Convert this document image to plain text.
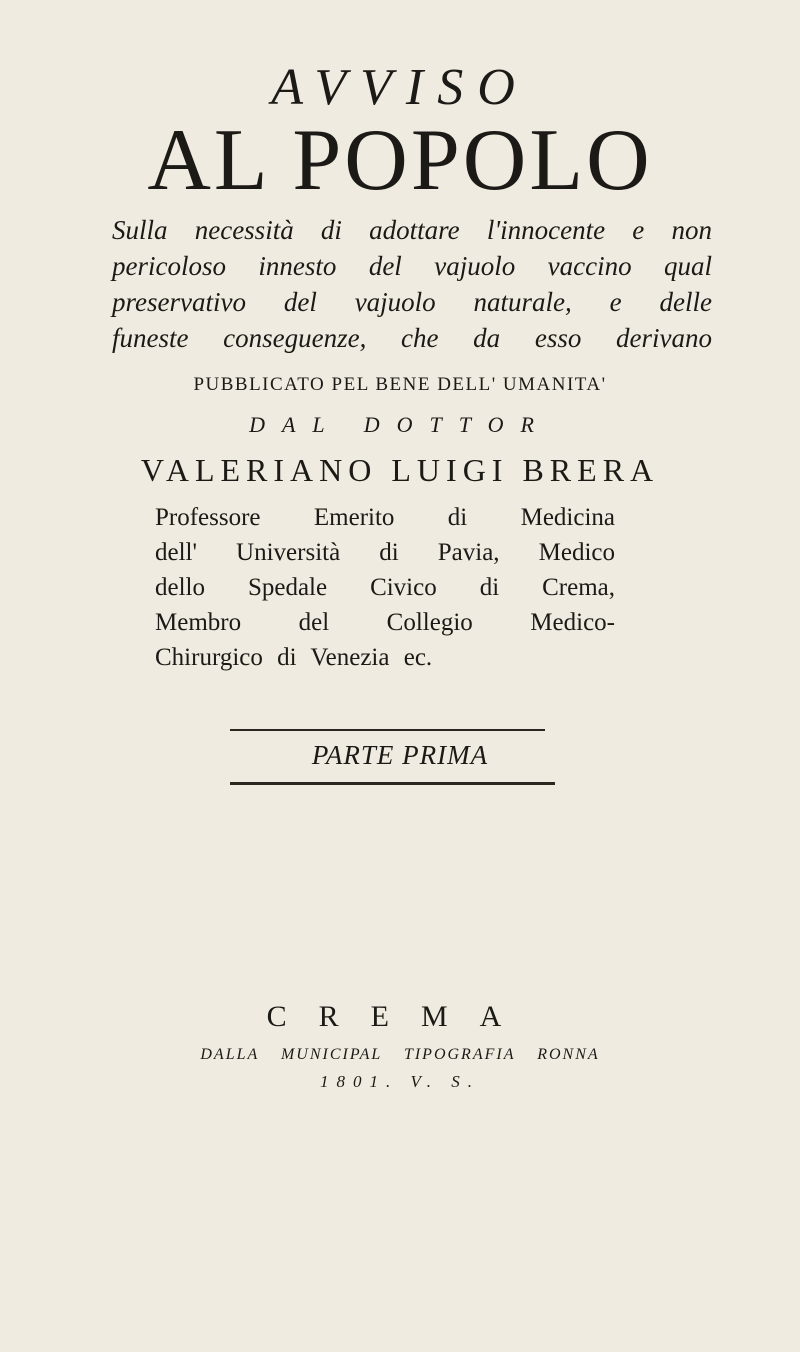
AVVISO
AL POPOLO
Sulla necessità di adottare l'innocente e non
pericoloso innesto del vajuolo vaccino qual
preservativo del vajuolo naturale, e delle
funeste conseguenze, che da esso derivano
PUBBLICATO PEL BENE DELL' UMANITA'
DAL DOTTOR
VALERIANO LUIGI BRERA
Professore Emerito di Medicina
dell' Università di Pavia, Medico
dello Spedale Civico di Crema,
Membro del Collegio Medico-
Chirurgico di Venezia ec.
PARTE PRIMA
CREMA
DALLA MUNICIPAL TIPOGRAFIA RONNA
1801. V. S.
